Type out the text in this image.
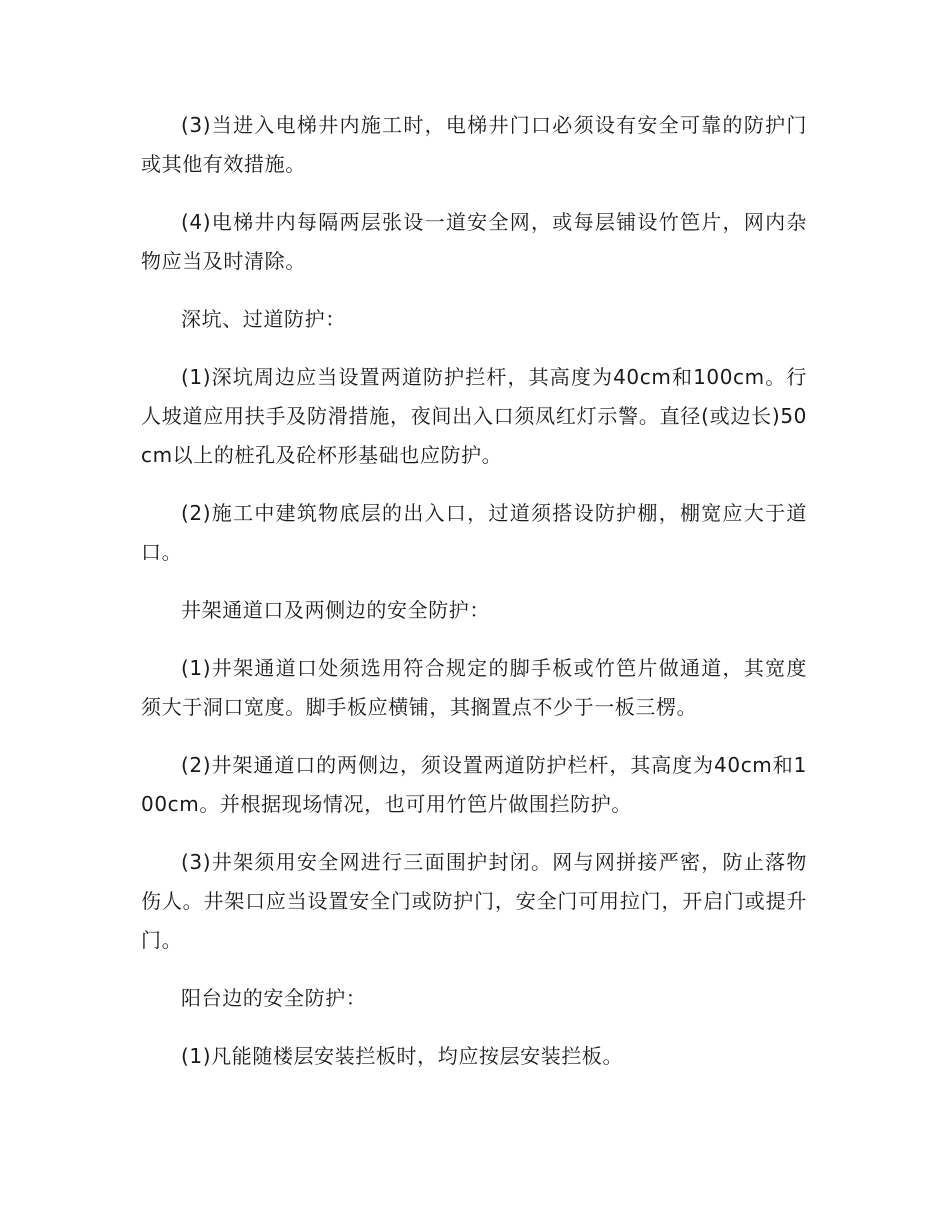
(3)当进入电梯井内施工时，电梯井门口必须设有安全可靠的防护门或其他有效措施。

(4)电梯井内每隔两层张设一道安全网，或每层铺设竹笆片，网内杂物应当及时清除。

深坑、过道防护：

(1)深坑周边应当设置两道防护拦杆，其高度为40cm和100cm。行人坡道应用扶手及防滑措施，夜间出入口须凤红灯示警。直径(或边长)50cm以上的桩孔及砼杯形基础也应防护。

(2)施工中建筑物底层的出入口，过道须搭设防护棚，棚宽应大于道口。

井架通道口及两侧边的安全防护：

(1)井架通道口处须选用符合规定的脚手板或竹笆片做通道，其宽度须大于洞口宽度。脚手板应横铺，其搁置点不少于一板三楞。

(2)井架通道口的两侧边，须设置两道防护栏杆，其高度为40cm和100cm。并根据现场情况，也可用竹笆片做围拦防护。

(3)井架须用安全网进行三面围护封闭。网与网拼接严密，防止落物伤人。井架口应当设置安全门或防护门，安全门可用拉门，开启门或提升门。

阳台边的安全防护：

(1)凡能随楼层安装拦板时，均应按层安装拦板。
